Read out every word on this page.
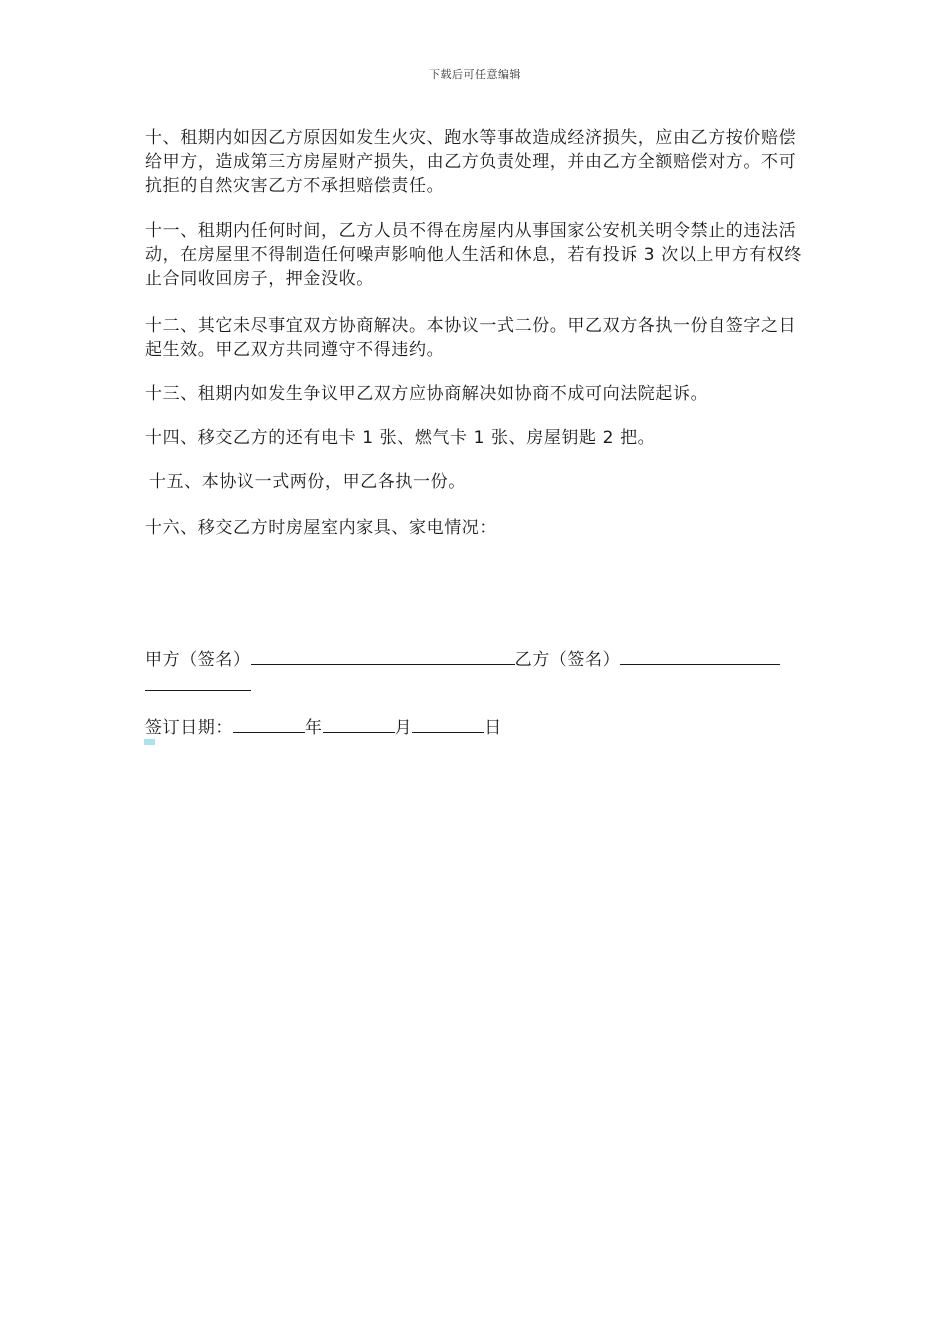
下载后可任意编辑

十、租期内如因乙方原因如发生火灾、跑水等事故造成经济损失，应由乙方按价赔偿给甲方，造成第三方房屋财产损失，由乙方负责处理，并由乙方全额赔偿对方。不可抗拒的自然灾害乙方不承担赔偿责任。

十一、租期内任何时间，乙方人员不得在房屋内从事国家公安机关明令禁止的违法活动，在房屋里不得制造任何噪声影响他人生活和休息，若有投诉 3 次以上甲方有权终止合同收回房子，押金没收。

十二、其它未尽事宜双方协商解决。本协议一式二份。甲乙双方各执一份自签字之日起生效。甲乙双方共同遵守不得违约。

十三、租期内如发生争议甲乙双方应协商解决如协商不成可向法院起诉。

十四、移交乙方的还有电卡 1 张、燃气卡 1 张、房屋钥匙 2 把。

十五、本协议一式两份，甲乙各执一份。

十六、移交乙方时房屋室内家具、家电情况：

甲方（签名）	乙方（签名）
签订日期：	年	月	日
